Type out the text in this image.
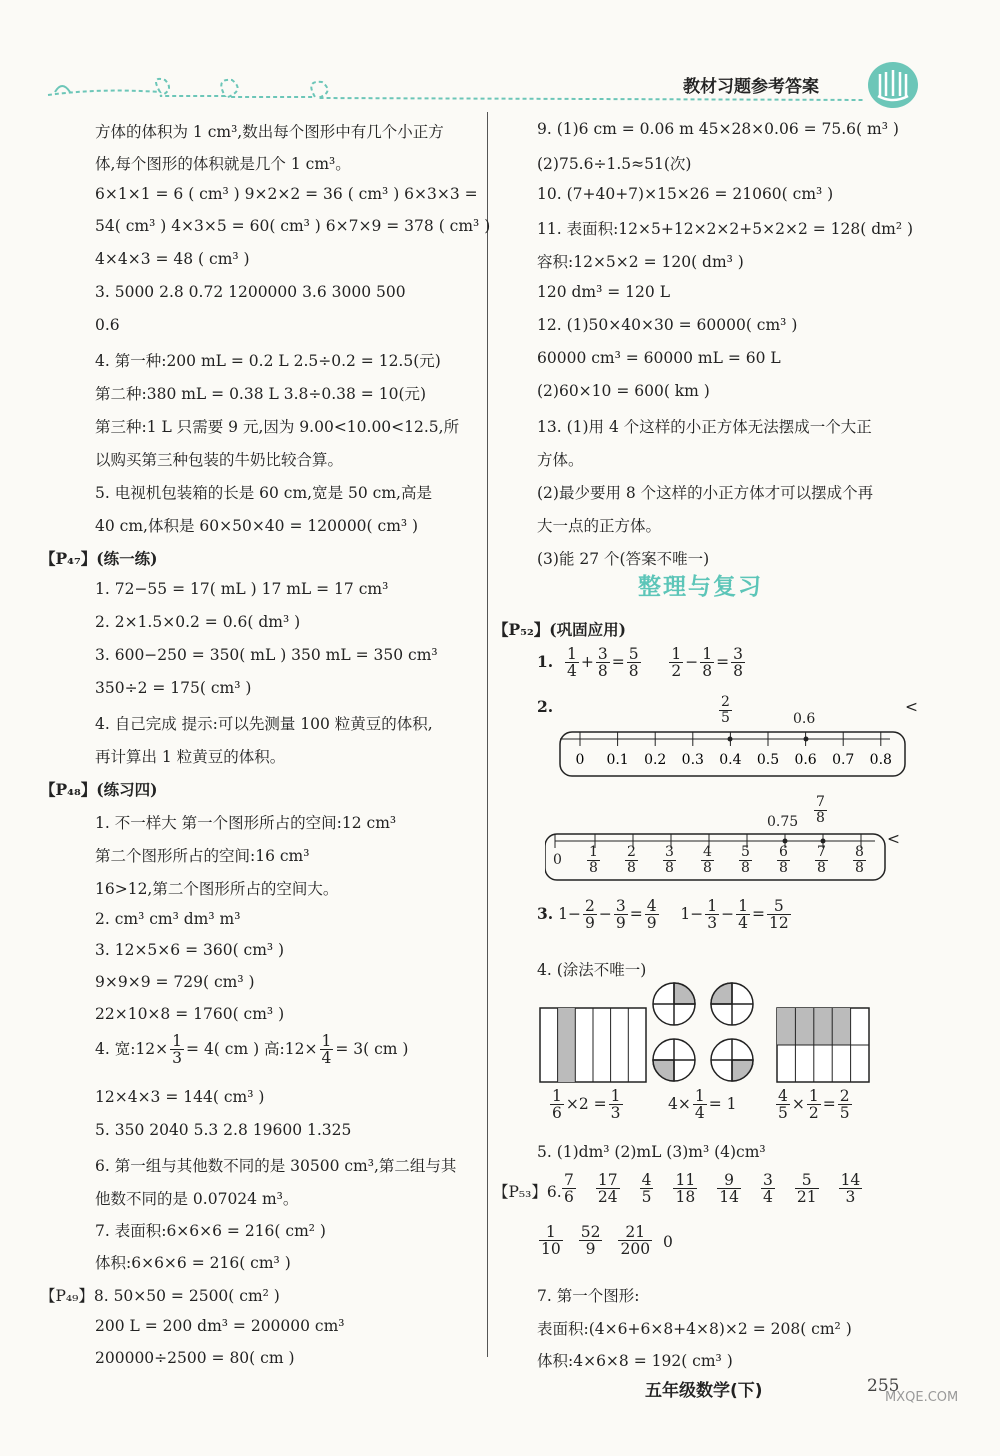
教材习题参考答案
方体的体积为 1 cm³,数出每个图形中有几个小正方
体,每个图形的体积就是几个 1 cm³。
6×1×1 = 6 ( cm³ ) 9×2×2 = 36 ( cm³ ) 6×3×3 =
54( cm³ ) 4×3×5 = 60( cm³ ) 6×7×9 = 378 ( cm³ )
4×4×3 = 48 ( cm³ )
3. 5000 2.8 0.72 1200000 3.6 3000 500
0.6
4. 第一种:200 mL = 0.2 L 2.5÷0.2 = 12.5(元)
第二种:380 mL = 0.38 L 3.8÷0.38 = 10(元)
第三种:1 L 只需要 9 元,因为 9.00<10.00<12.5,所
以购买第三种包装的牛奶比较合算。
5. 电视机包装箱的长是 60 cm,宽是 50 cm,高是
40 cm,体积是 60×50×40 = 120000( cm³ )
【P₄₇】(练一练)
1. 72−55 = 17( mL ) 17 mL = 17 cm³
2. 2×1.5×0.2 = 0.6( dm³ )
3. 600−250 = 350( mL ) 350 mL = 350 cm³
350÷2 = 175( cm³ )
4. 自己完成 提示:可以先测量 100 粒黄豆的体积,
再计算出 1 粒黄豆的体积。
【P₄₈】(练习四)
1. 不一样大 第一个图形所占的空间:12 cm³
第二个图形所占的空间:16 cm³
16>12,第二个图形所占的空间大。
2. cm³ cm³ dm³ m³
3. 12×5×6 = 360( cm³ )
9×9×9 = 729( cm³ )
22×10×8 = 1760( cm³ )
12×4×3 = 144( cm³ )
5. 350 2040 5.3 2.8 19600 1.325
6. 第一组与其他数不同的是 30500 cm³,第二组与其
他数不同的是 0.07024 m³。
7. 表面积:6×6×6 = 216( cm² )
体积:6×6×6 = 216( cm³ )
【P₄₉】8. 50×50 = 2500( cm² )
200 L = 200 dm³ = 200000 cm³
200000÷2500 = 80( cm )
4. 宽:12× $\frac{1}{3} = 4$( cm ) 高:12× $\frac{1}{4} = 3$( cm )
9. (1)6 cm = 0.06 m 45×28×0.06 = 75.6( m³ )
(2)75.6÷1.5≈51(次)
10. (7+40+7)×15×26 = 21060( cm³ )
11. 表面积:12×5+12×2×2+5×2×2 = 128( dm² )
容积:12×5×2 = 120( dm³ )
120 dm³ = 120 L
12. (1)50×40×30 = 60000( cm³ )
60000 cm³ = 60000 mL = 60 L
(2)60×10 = 600( km )
13. (1)用 4 个这样的小正方体无法摆成一个大正
方体。
(2)最少要用 8 个这样的小正方体才可以摆成个再
大一点的正方体。
(3)能 27 个(答案不唯一)
【P₅₂】(巩固应用)
4. (涂法不唯一)
5. (1)dm³ (2)mL (3)m³ (4)cm³
7. 第一个图形:
表面积:(4×6+6×8+4×8)×2 = 208( cm² )
体积:4×6×8 = 192( cm³ )
整理与复习
1. $\frac{1}{4} + \frac{3}{8} = \frac{5}{8}$
$\frac{1}{2} - \frac{1}{8} = \frac{3}{8}$
2.
0 0.1 0.2 0.3 0.4 0.5 0.6 0.7 0.8
<
<
$\frac{2}{5}$	0.6
$0.75 \frac{7}{8}$
$0 \frac{1}{8} \frac{2}{8} \frac{3}{8} \frac{4}{8} \frac{5}{8} \frac{6}{8} \frac{7}{8} \frac{8}{8}$
3. $1- \frac{2}{9} - \frac{3}{9} = \frac{4}{9} 1- \frac{1}{3} - \frac{1}{4} = \frac{5}{12}$
$\frac{1}{6} \times 2 = \frac{1}{3}$	$4\times \frac{1}{4} = 1$	$\frac{4}{5} \times \frac{1}{2} = \frac{2}{5}$
【P₅₃】6. $\frac{7}{6} \frac{17}{24} \frac{4}{5} \frac{11}{18} \frac{9}{14} \frac{3}{4} \frac{5}{21} \frac{14}{3}$
$\frac{1}{10} \frac{52}{9} \frac{21}{200} 0$
五年级数学(下)	255
MXQE.COM
